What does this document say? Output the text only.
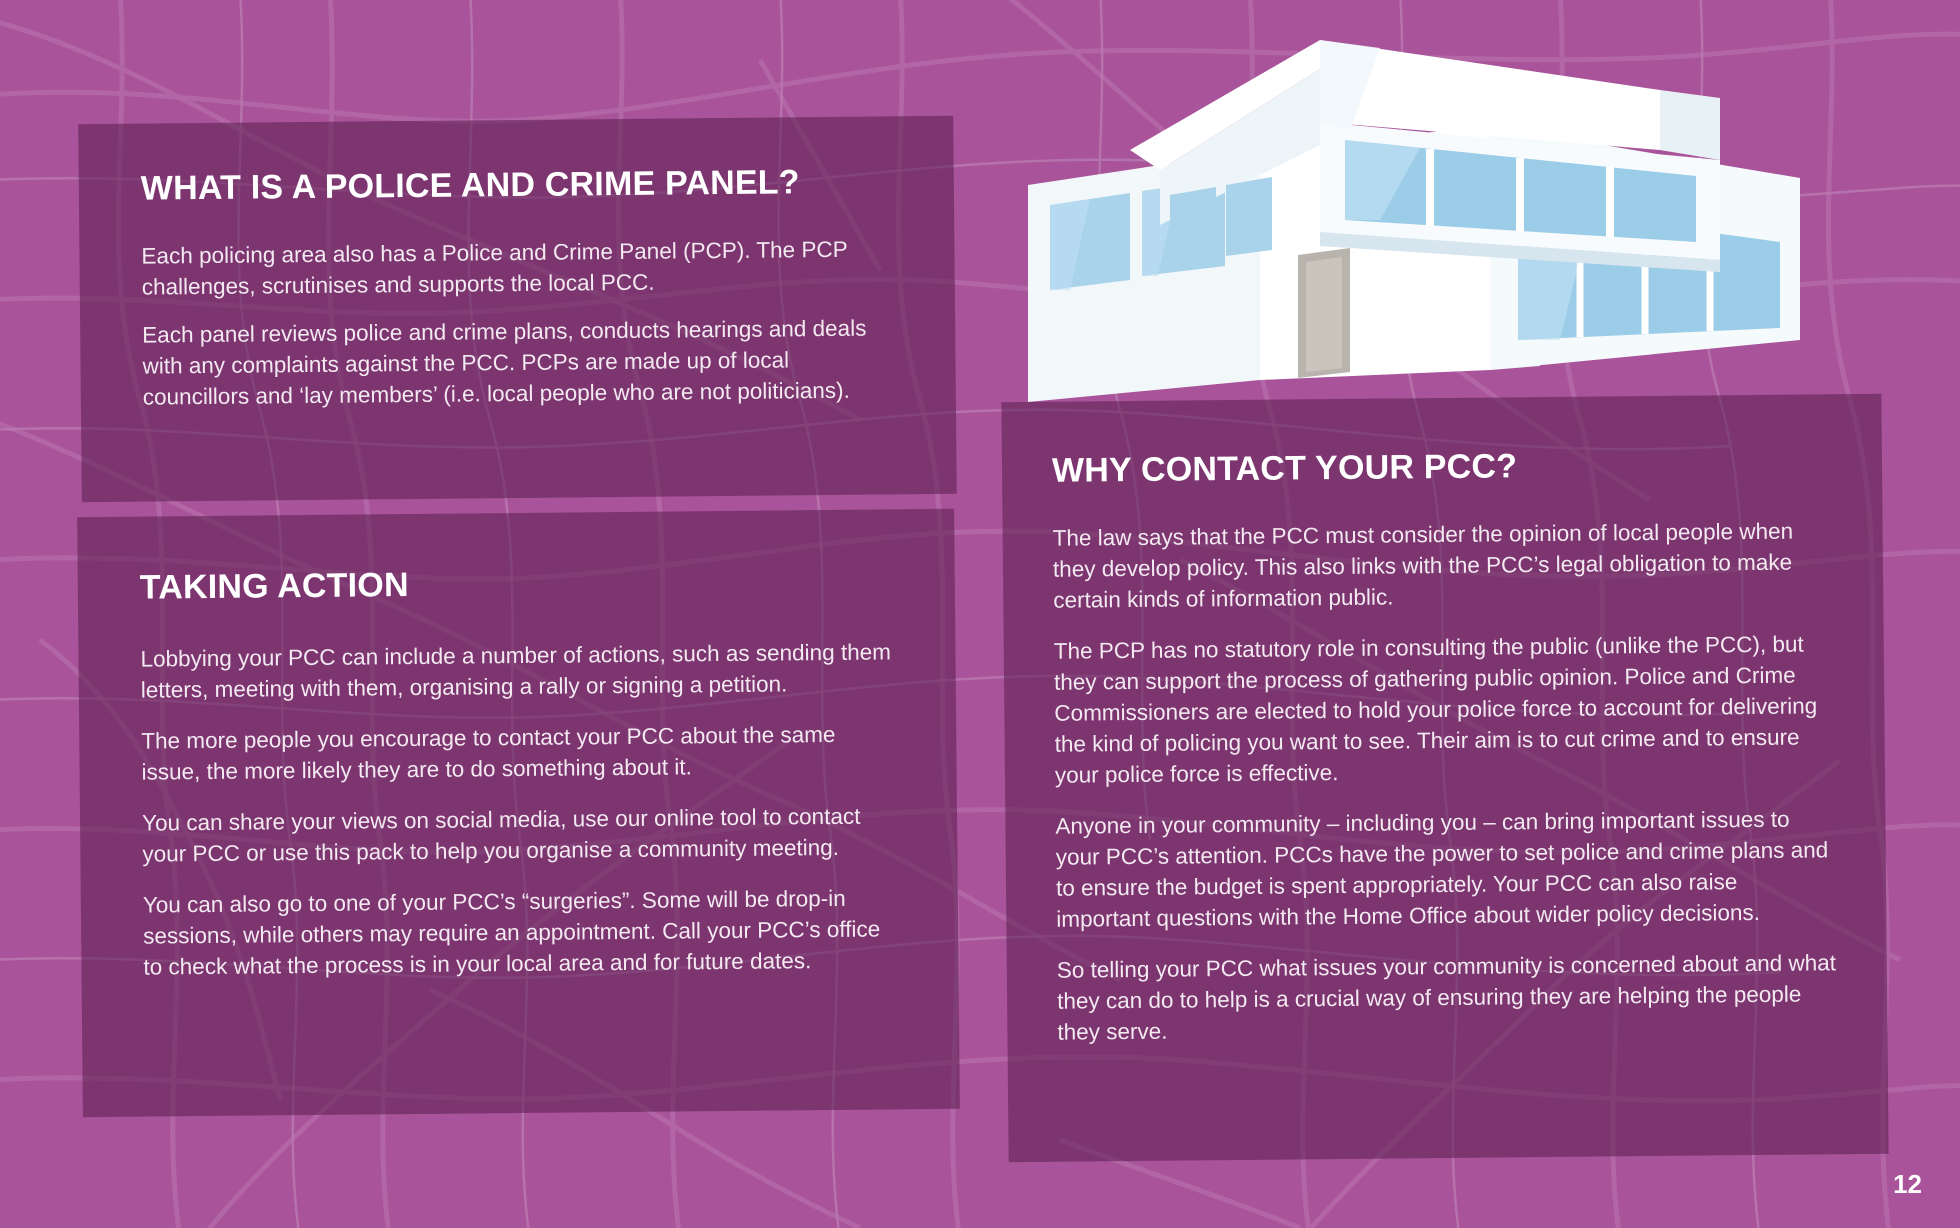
WHAT IS A POLICE AND CRIME PANEL?

Each policing area also has a Police and Crime Panel (PCP). The PCP challenges, scrutinises and supports the local PCC.

Each panel reviews police and crime plans, conducts hearings and deals with any complaints against the PCC. PCPs are made up of local councillors and ‘lay members’ (i.e. local people who are not politicians).

TAKING ACTION

Lobbying your PCC can include a number of actions, such as sending them letters, meeting with them, organising a rally or signing a petition.

The more people you encourage to contact your PCC about the same issue, the more likely they are to do something about it.

You can share your views on social media, use our online tool to contact your PCC or use this pack to help you organise a community meeting.

You can also go to one of your PCC’s “surgeries”. Some will be drop-in sessions, while others may require an appointment. Call your PCC’s office to check what the process is in your local area and for future dates.

WHY CONTACT YOUR PCC?

The law says that the PCC must consider the opinion of local people when they develop policy. This also links with the PCC’s legal obligation to make certain kinds of information public.

The PCP has no statutory role in consulting the public (unlike the PCC), but they can support the process of gathering public opinion. Police and Crime Commissioners are elected to hold your police force to account for delivering the kind of policing you want to see. Their aim is to cut crime and to ensure your police force is effective.

Anyone in your community – including you – can bring important issues to your PCC’s attention. PCCs have the power to set police and crime plans and to ensure the budget is spent appropriately. Your PCC can also raise important questions with the Home Office about wider policy decisions.

So telling your PCC what issues your community is concerned about and what they can do to help is a crucial way of ensuring they are helping the people they serve.

12
